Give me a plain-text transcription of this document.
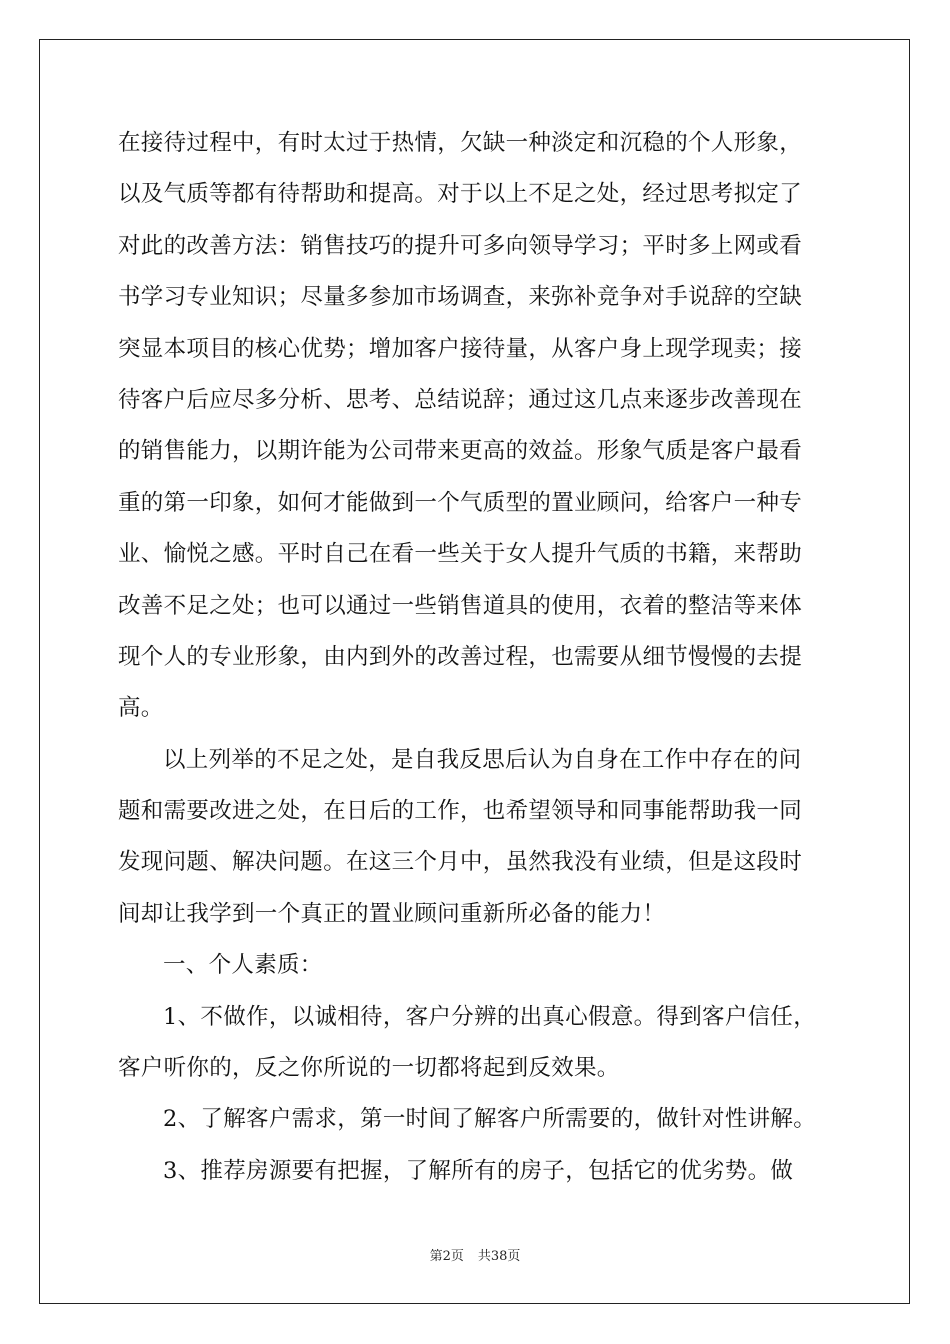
在接待过程中，有时太过于热情，欠缺一种淡定和沉稳的个人形象，
以及气质等都有待帮助和提高。对于以上不足之处，经过思考拟定了
对此的改善方法：销售技巧的提升可多向领导学习；平时多上网或看
书学习专业知识；尽量多参加市场调查，来弥补竞争对手说辞的空缺
突显本项目的核心优势；增加客户接待量，从客户身上现学现卖；接
待客户后应尽多分析、思考、总结说辞；通过这几点来逐步改善现在
的销售能力，以期许能为公司带来更高的效益。形象气质是客户最看
重的第一印象，如何才能做到一个气质型的置业顾问，给客户一种专
业、愉悦之感。平时自己在看一些关于女人提升气质的书籍，来帮助
改善不足之处；也可以通过一些销售道具的使用，衣着的整洁等来体
现个人的专业形象，由内到外的改善过程，也需要从细节慢慢的去提
高。
以上列举的不足之处，是自我反思后认为自身在工作中存在的问
题和需要改进之处，在日后的工作，也希望领导和同事能帮助我一同
发现问题、解决问题。在这三个月中，虽然我没有业绩，但是这段时
间却让我学到一个真正的置业顾问重新所必备的能力！
一、个人素质：
1、不做作，以诚相待，客户分辨的出真心假意。得到客户信任，
客户听你的，反之你所说的一切都将起到反效果。
2、了解客户需求，第一时间了解客户所需要的，做针对性讲解。
3、推荐房源要有把握，了解所有的房子，包括它的优劣势。做
第2页 共38页
